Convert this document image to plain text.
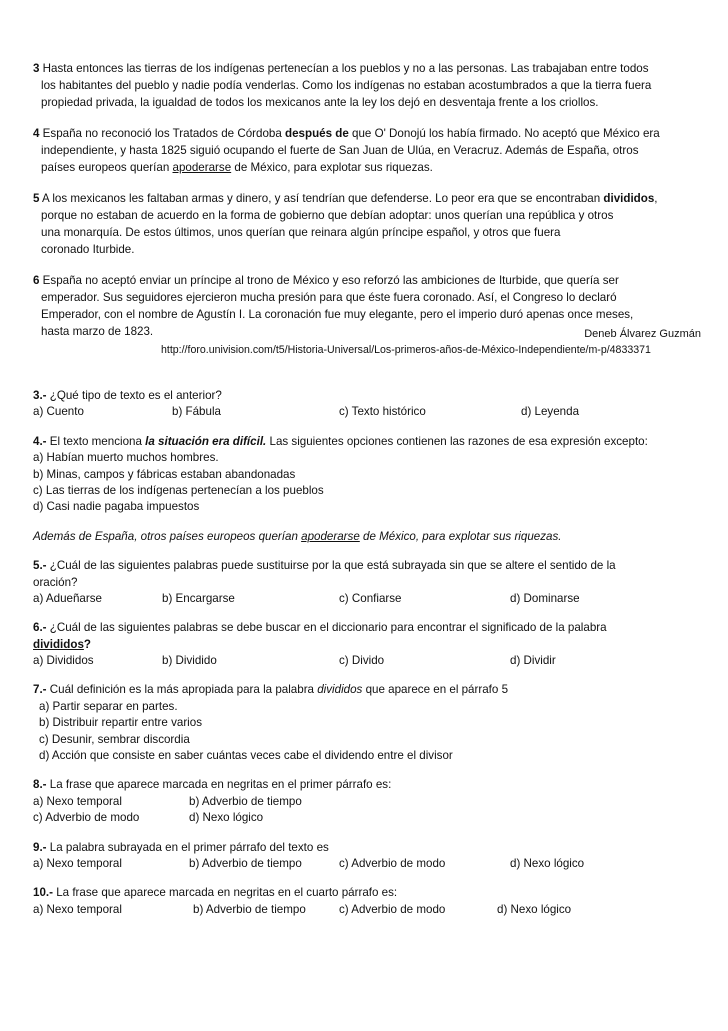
3 Hasta entonces las tierras de los indígenas pertenecían a los pueblos y no a las personas. Las trabajaban entre todos
los habitantes del pueblo y nadie podía venderlas. Como los indígenas no estaban acostumbrados a que la tierra fuera
propiedad privada, la igualdad de todos los mexicanos ante la ley los dejó en desventaja frente a los criollos.
4 España no reconoció los Tratados de Córdoba después de que O' Donojú los había firmado. No aceptó que México era
independiente, y hasta 1825 siguió ocupando el fuerte de San Juan de Ulúa, en Veracruz. Además de España, otros
países europeos querían apoderarse de México, para explotar sus riquezas.
5 A los mexicanos les faltaban armas y dinero, y así tendrían que defenderse. Lo peor era que se encontraban divididos,
porque no estaban de acuerdo en la forma de gobierno que debían adoptar: unos querían una república y otros
una monarquía. De estos últimos, unos querían que reinara algún príncipe español, y otros que fuera
coronado Iturbide.
6 España no aceptó enviar un príncipe al trono de México y eso reforzó las ambiciones de Iturbide, que quería ser
emperador. Sus seguidores ejercieron mucha presión para que éste fuera coronado. Así, el Congreso lo declaró
Emperador, con el nombre de Agustín I. La coronación fue muy elegante, pero el imperio duró apenas once meses,
hasta marzo de 1823.	Deneb Álvarez Guzmán
http://foro.univision.com/t5/Historia-Universal/Los-primeros-años-de-México-Independiente/m-p/4833371
3.- ¿Qué tipo de texto es el anterior?
a) Cuento	b) Fábula	c) Texto histórico	d) Leyenda
4.- El texto menciona la situación era difícil. Las siguientes opciones contienen las razones de esa expresión excepto:
a) Habían muerto muchos hombres.
b) Minas, campos y fábricas estaban abandonadas
c) Las tierras de los indígenas pertenecían a los pueblos
d) Casi nadie pagaba impuestos
Además de España, otros países europeos querían apoderarse de México, para explotar sus riquezas.
5.- ¿Cuál de las siguientes palabras puede sustituirse por la que está subrayada sin que se altere el sentido de la
oración?
a) Adueñarse	b) Encargarse	c) Confiarse	d) Dominarse
6.- ¿Cuál de las siguientes palabras se debe buscar en el diccionario para encontrar el significado de la palabra
divididos?
a) Divididos	b) Dividido	c) Divido	d) Dividir
7.- Cuál definición es la más apropiada para la palabra divididos que aparece en el párrafo 5
a) Partir separar en partes.
b) Distribuir repartir entre varios
c) Desunir, sembrar discordia
d) Acción que consiste en saber cuántas veces cabe el dividendo entre el divisor
8.- La frase que aparece marcada en negritas en el primer párrafo es:
a) Nexo temporal	b) Adverbio de tiempo
c) Adverbio de modo	d) Nexo lógico
9.- La palabra subrayada en el primer párrafo del texto es
a) Nexo temporal	b) Adverbio de tiempo	c) Adverbio de modo	d) Nexo lógico
10.- La frase que aparece marcada en negritas en el cuarto párrafo es:
a) Nexo temporal	b) Adverbio de tiempo	c) Adverbio de modo	d) Nexo lógico
